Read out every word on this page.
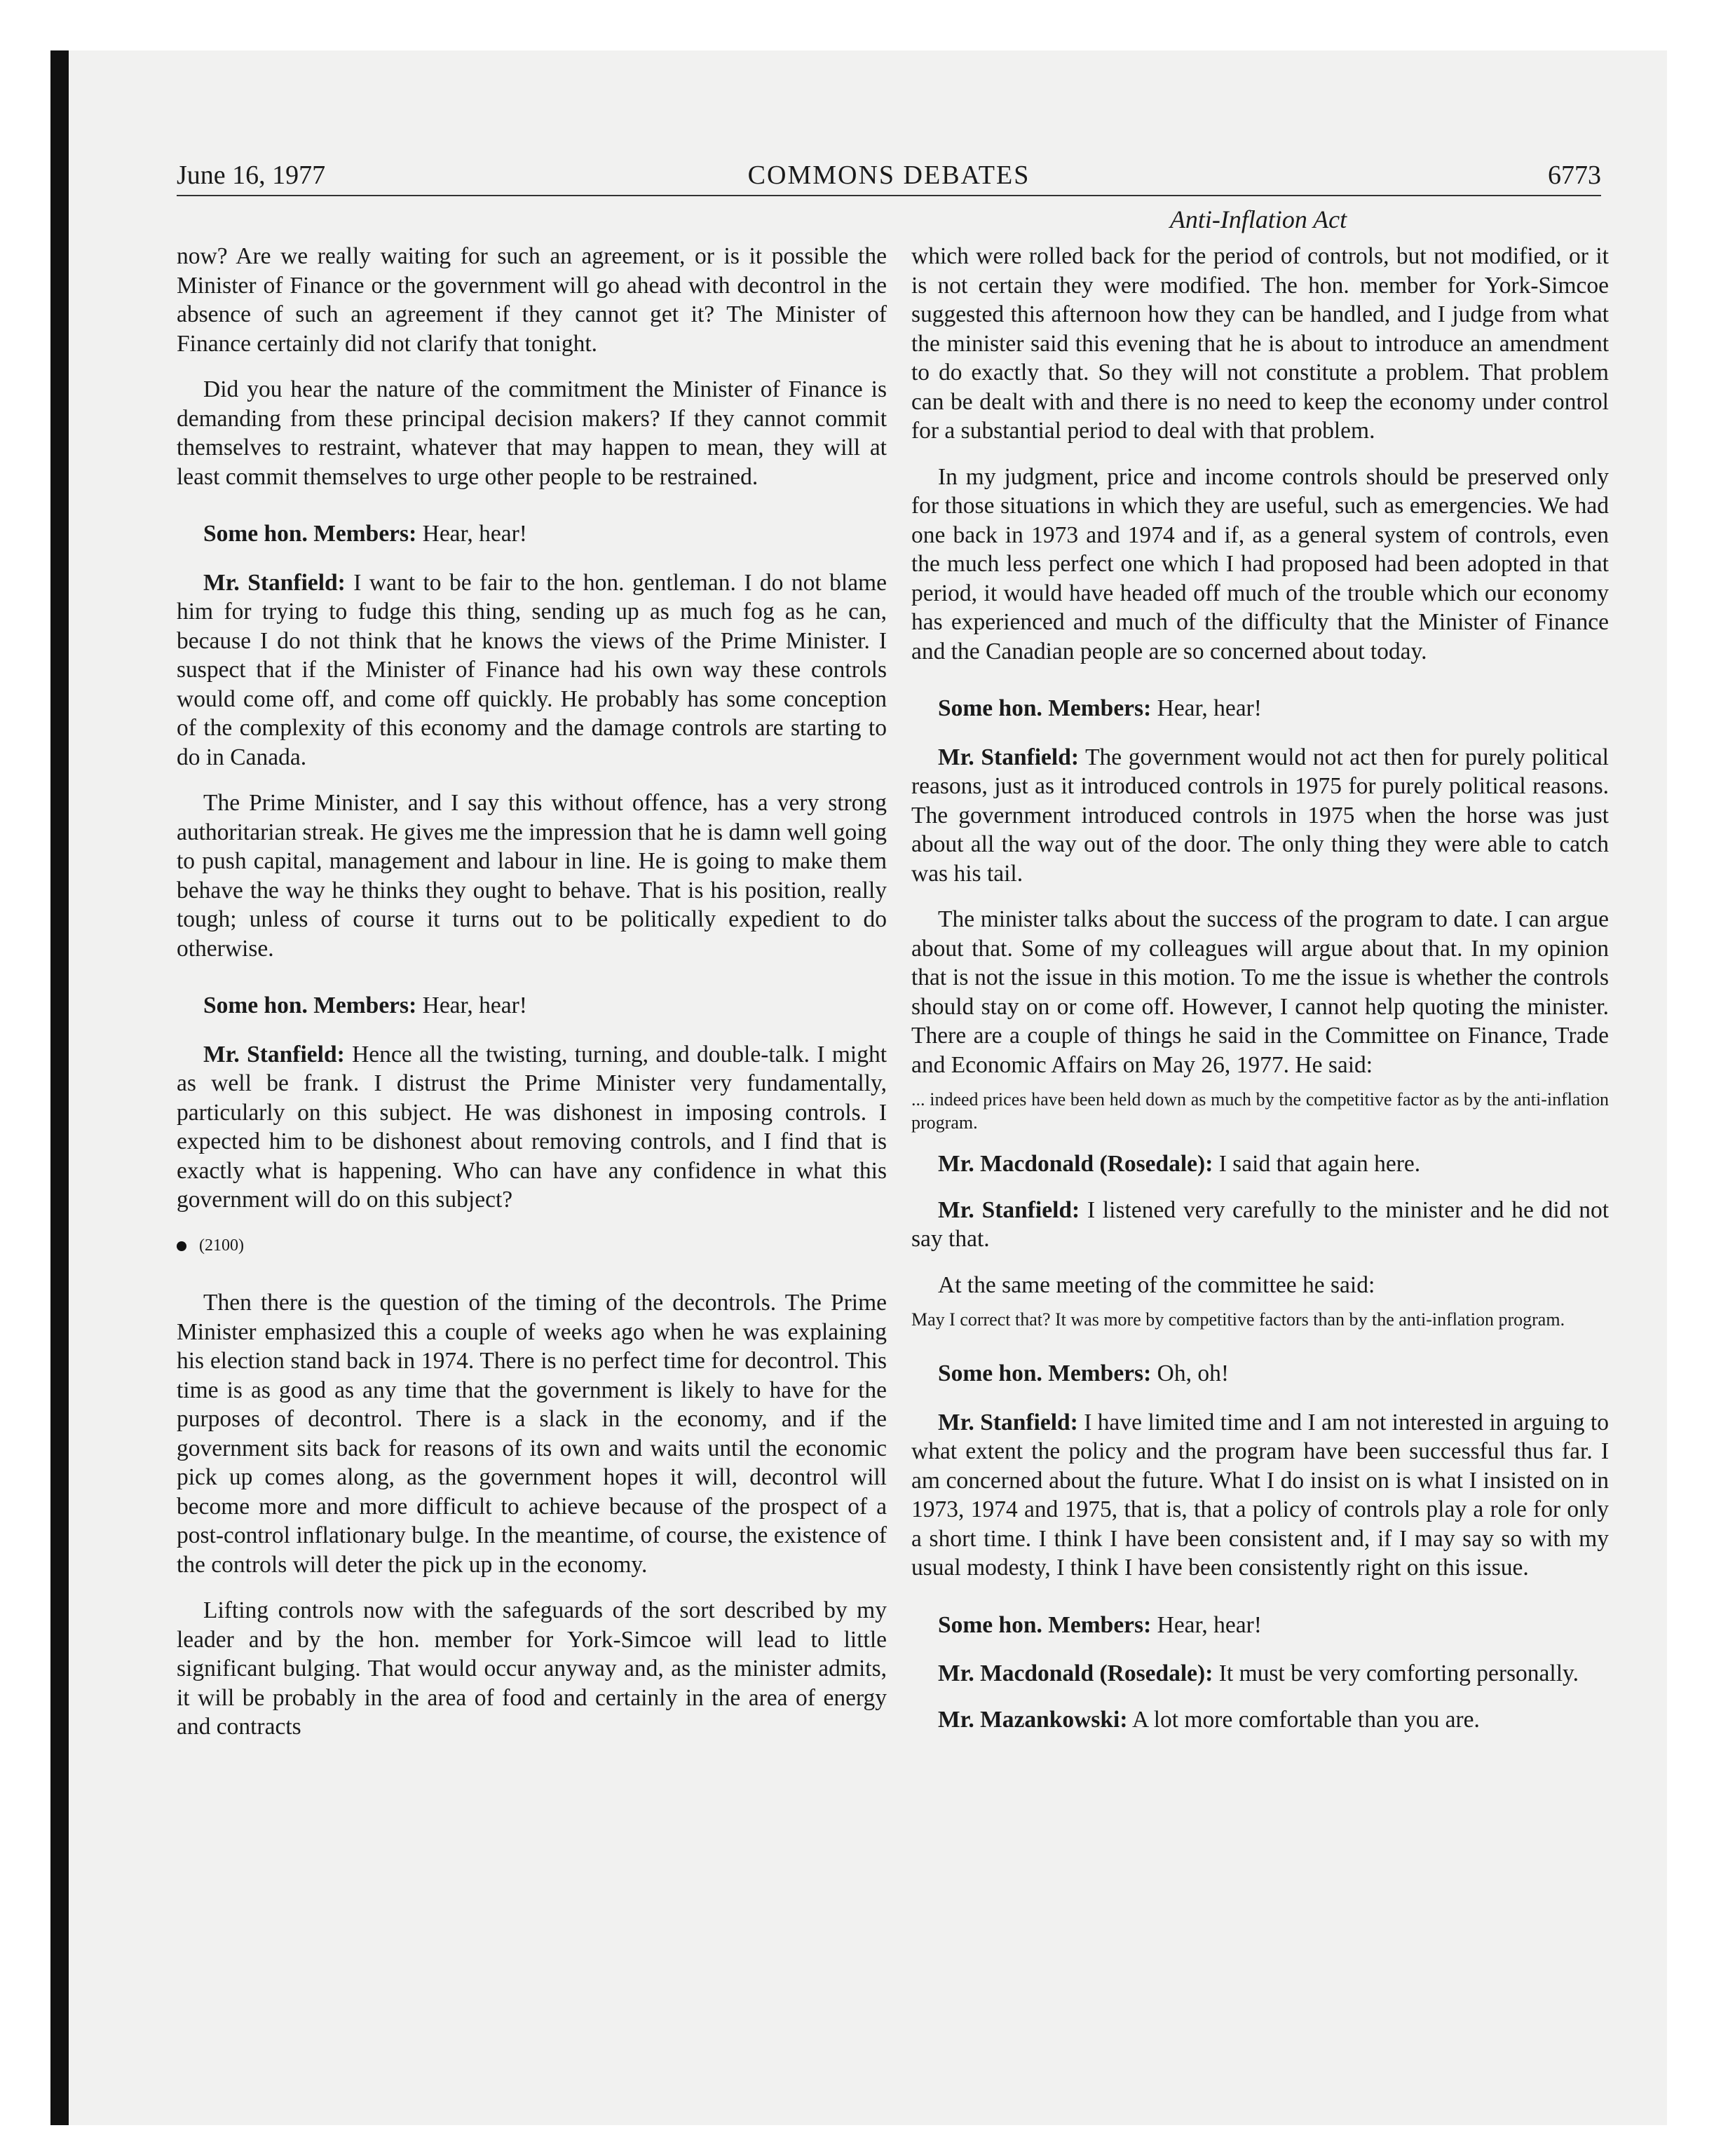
June 16, 1977	COMMONS DEBATES	6773
Anti-Inflation Act

now? Are we really waiting for such an agreement, or is it possible the Minister of Finance or the government will go ahead with decontrol in the absence of such an agreement if they cannot get it? The Minister of Finance certainly did not clarify that tonight.

Did you hear the nature of the commitment the Minister of Finance is demanding from these principal decision makers? If they cannot commit themselves to restraint, whatever that may happen to mean, they will at least commit themselves to urge other people to be restrained.

Some hon. Members: Hear, hear!

Mr. Stanfield: I want to be fair to the hon. gentleman. I do not blame him for trying to fudge this thing, sending up as much fog as he can, because I do not think that he knows the views of the Prime Minister. I suspect that if the Minister of Finance had his own way these controls would come off, and come off quickly. He probably has some conception of the complexity of this economy and the damage controls are starting to do in Canada.

The Prime Minister, and I say this without offence, has a very strong authoritarian streak. He gives me the impression that he is damn well going to push capital, management and labour in line. He is going to make them behave the way he thinks they ought to behave. That is his position, really tough; unless of course it turns out to be politically expedient to do otherwise.

Some hon. Members: Hear, hear!

Mr. Stanfield: Hence all the twisting, turning, and double-talk. I might as well be frank. I distrust the Prime Minister very fundamentally, particularly on this subject. He was dishonest in imposing controls. I expected him to be dishonest about removing controls, and I find that is exactly what is happening. Who can have any confidence in what this government will do on this subject?

(2100)

Then there is the question of the timing of the decontrols. The Prime Minister emphasized this a couple of weeks ago when he was explaining his election stand back in 1974. There is no perfect time for decontrol. This time is as good as any time that the government is likely to have for the purposes of decontrol. There is a slack in the economy, and if the government sits back for reasons of its own and waits until the economic pick up comes along, as the government hopes it will, decontrol will become more and more difficult to achieve because of the prospect of a post-control inflationary bulge. In the meantime, of course, the existence of the controls will deter the pick up in the economy.

Lifting controls now with the safeguards of the sort described by my leader and by the hon. member for York-Simcoe will lead to little significant bulging. That would occur anyway and, as the minister admits, it will be probably in the area of food and certainly in the area of energy and contracts

which were rolled back for the period of controls, but not modified, or it is not certain they were modified. The hon. member for York-Simcoe suggested this afternoon how they can be handled, and I judge from what the minister said this evening that he is about to introduce an amendment to do exactly that. So they will not constitute a problem. That problem can be dealt with and there is no need to keep the economy under control for a substantial period to deal with that problem.

In my judgment, price and income controls should be preserved only for those situations in which they are useful, such as emergencies. We had one back in 1973 and 1974 and if, as a general system of controls, even the much less perfect one which I had proposed had been adopted in that period, it would have headed off much of the trouble which our economy has experienced and much of the difficulty that the Minister of Finance and the Canadian people are so concerned about today.

Some hon. Members: Hear, hear!

Mr. Stanfield: The government would not act then for purely political reasons, just as it introduced controls in 1975 for purely political reasons. The government introduced controls in 1975 when the horse was just about all the way out of the door. The only thing they were able to catch was his tail.

The minister talks about the success of the program to date. I can argue about that. Some of my colleagues will argue about that. In my opinion that is not the issue in this motion. To me the issue is whether the controls should stay on or come off. However, I cannot help quoting the minister. There are a couple of things he said in the Committee on Finance, Trade and Economic Affairs on May 26, 1977. He said:

... indeed prices have been held down as much by the competitive factor as by the anti-inflation program.

Mr. Macdonald (Rosedale): I said that again here.

Mr. Stanfield: I listened very carefully to the minister and he did not say that.

At the same meeting of the committee he said:

May I correct that? It was more by competitive factors than by the anti-inflation program.

Some hon. Members: Oh, oh!

Mr. Stanfield: I have limited time and I am not interested in arguing to what extent the policy and the program have been successful thus far. I am concerned about the future. What I do insist on is what I insisted on in 1973, 1974 and 1975, that is, that a policy of controls play a role for only a short time. I think I have been consistent and, if I may say so with my usual modesty, I think I have been consistently right on this issue.

Some hon. Members: Hear, hear!

Mr. Macdonald (Rosedale): It must be very comforting personally.

Mr. Mazankowski: A lot more comfortable than you are.
